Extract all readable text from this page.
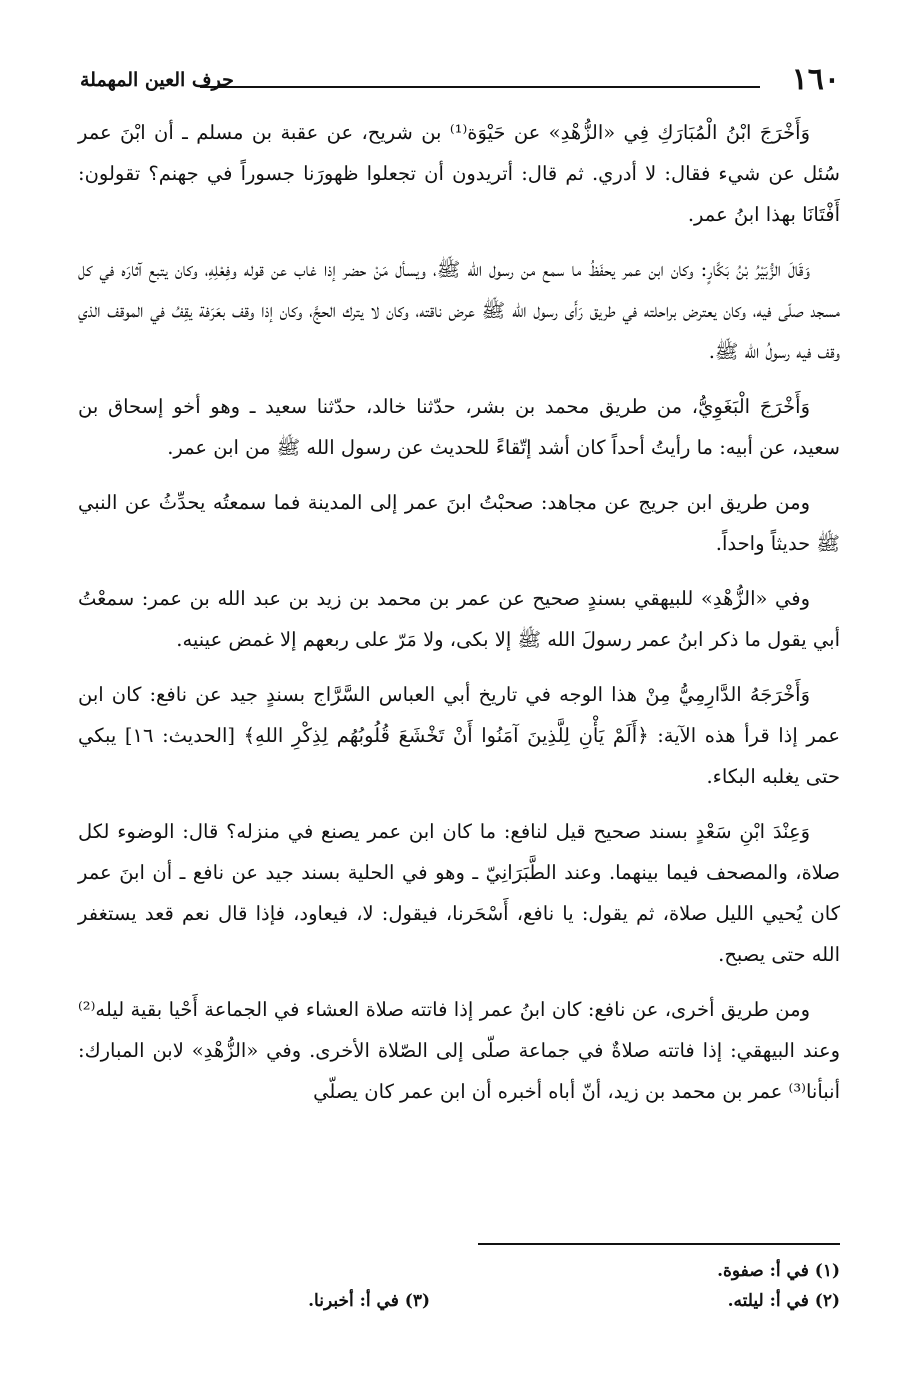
١٦٠
حرف العين المهملة

وَأَخْرَجَ ابْنُ الْمُبَارَكِ فِي «الزُّهْدِ» عن حَيْوَة⁽¹⁾ بن شريح، عن عقبة بن مسلم ـ أن ابْنَ عمر سُئل عن شيء فقال: لا أدري. ثم قال: أتريدون أن تجعلوا ظهورَنا جسوراً في جهنم؟ تقولون: أَفْتَانَا بهذا ابنُ عمر.

وَقَالَ الزُّبَيْرُ بْنُ بَكَّارٍ: وكان ابن عمر يحفَظُ ما سمع من رسول الله ﷺ، ويسأل مَنْ حضر إذا غاب عن قوله وفِعْلِهِ، وكان يتبع آثارَه في كل مسجد صلّى فيه، وكان يعترض براحلته في طريق رَأَى رسول الله ﷺ عرض ناقته، وكان لا يترك الحجَّ، وكان إذا وقف بعَرَفة يقِفُ في الموقف الذي وقف فيه رسولُ الله ﷺ.

وَأَخْرَجَ الْبَغَوِيُّ، من طريق محمد بن بشر، حدّثنا خالد، حدّثنا سعيد ـ وهو أخو إسحاق بن سعيد، عن أبيه: ما رأيتُ أحداً كان أشد إتّقاءً للحديث عن رسول الله ﷺ من ابن عمر.

ومن طريق ابن جريج عن مجاهد: صحبْتُ ابنَ عمر إلى المدينة فما سمعتُه يحدِّثُ عن النبي ﷺ حديثاً واحداً.

وفي «الزُّهْدِ» للبيهقي بسندٍ صحيح عن عمر بن محمد بن زيد بن عبد الله بن عمر: سمعْتُ أبي يقول ما ذكر ابنُ عمر رسولَ الله ﷺ إلا بكى، ولا مَرّ على ربعهم إلا غمض عينيه.

وَأَخْرَجَهُ الدَّارِمِيُّ مِنْ هذا الوجه في تاريخ أبي العباس السَّرَّاج بسندٍ جيد عن نافع: كان ابن عمر إذا قرأ هذه الآية: ﴿أَلَمْ يَأْنِ لِلَّذِينَ آمَنُوا أَنْ تَخْشَعَ قُلُوبُهُم لِذِكْرِ اللهِ﴾ [الحديث: ١٦] يبكي حتى يغلبه البكاء.

وَعِنْدَ ابْنِ سَعْدٍ بسند صحيح قيل لنافع: ما كان ابن عمر يصنع في منزله؟ قال: الوضوء لكل صلاة، والمصحف فيما بينهما. وعند الطَّبَرَانِيّ ـ وهو في الحلية بسند جيد عن نافع ـ أن ابنَ عمر كان يُحيي الليل صلاة، ثم يقول: يا نافع، أَسْحَرنا، فيقول: لا، فيعاود، فإذا قال نعم قعد يستغفر الله حتى يصبح.

ومن طريق أخرى، عن نافع: كان ابنُ عمر إذا فاتته صلاة العشاء في الجماعة أَحْيا بقية ليله⁽²⁾ وعند البيهقي: إذا فاتته صلاةٌ في جماعة صلّى إلى الصّلاة الأخرى. وفي «الزُّهْدِ» لابن المبارك: أنبأنا⁽³⁾ عمر بن محمد بن زيد، أنّ أباه أخبره أن ابن عمر كان يصلّي

(١) في أ: صفوة.
(٢) في أ: ليلته.
(٣) في أ: أخبرنا.
